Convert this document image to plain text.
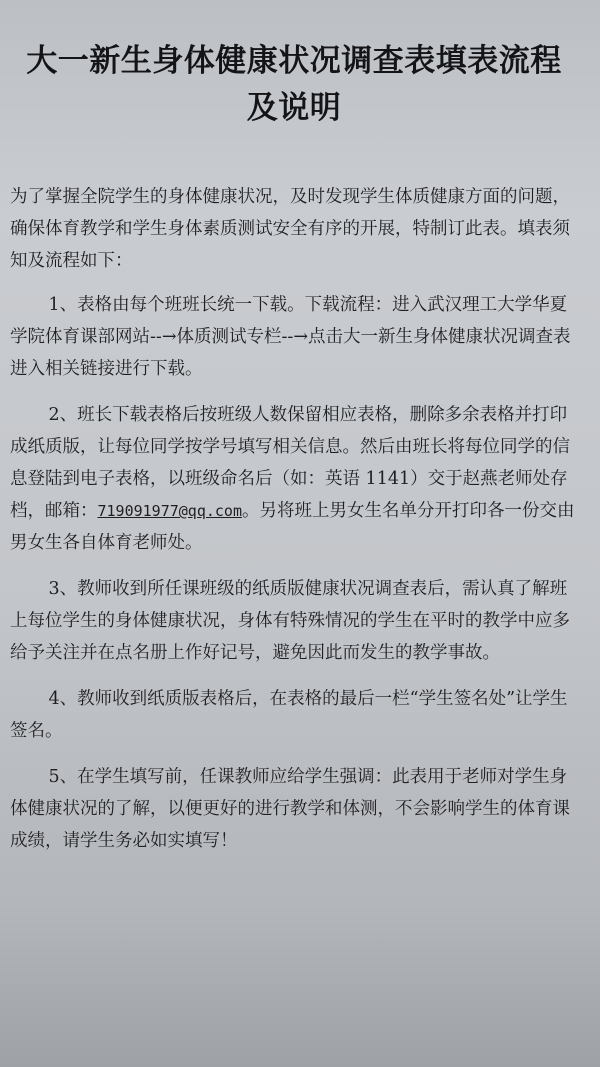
大一新生身体健康状况调查表填表流程
及说明

为了掌握全院学生的身体健康状况，及时发现学生体质健康方面的问题，确保体育教学和学生身体素质测试安全有序的开展，特制订此表。填表须知及流程如下：

1、表格由每个班班长统一下载。下载流程：进入武汉理工大学华夏学院体育课部网站--→体质测试专栏--→点击大一新生身体健康状况调查表进入相关链接进行下载。

2、班长下载表格后按班级人数保留相应表格，删除多余表格并打印成纸质版，让每位同学按学号填写相关信息。然后由班长将每位同学的信息登陆到电子表格，以班级命名后（如：英语 1141）交于赵燕老师处存档，邮箱：719091977@qq.com。另将班上男女生名单分开打印各一份交由男女生各自体育老师处。

3、教师收到所任课班级的纸质版健康状况调查表后，需认真了解班上每位学生的身体健康状况，身体有特殊情况的学生在平时的教学中应多给予关注并在点名册上作好记号，避免因此而发生的教学事故。

4、教师收到纸质版表格后，在表格的最后一栏“学生签名处”让学生签名。

5、在学生填写前，任课教师应给学生强调：此表用于老师对学生身体健康状况的了解，以便更好的进行教学和体测，不会影响学生的体育课成绩，请学生务必如实填写！
